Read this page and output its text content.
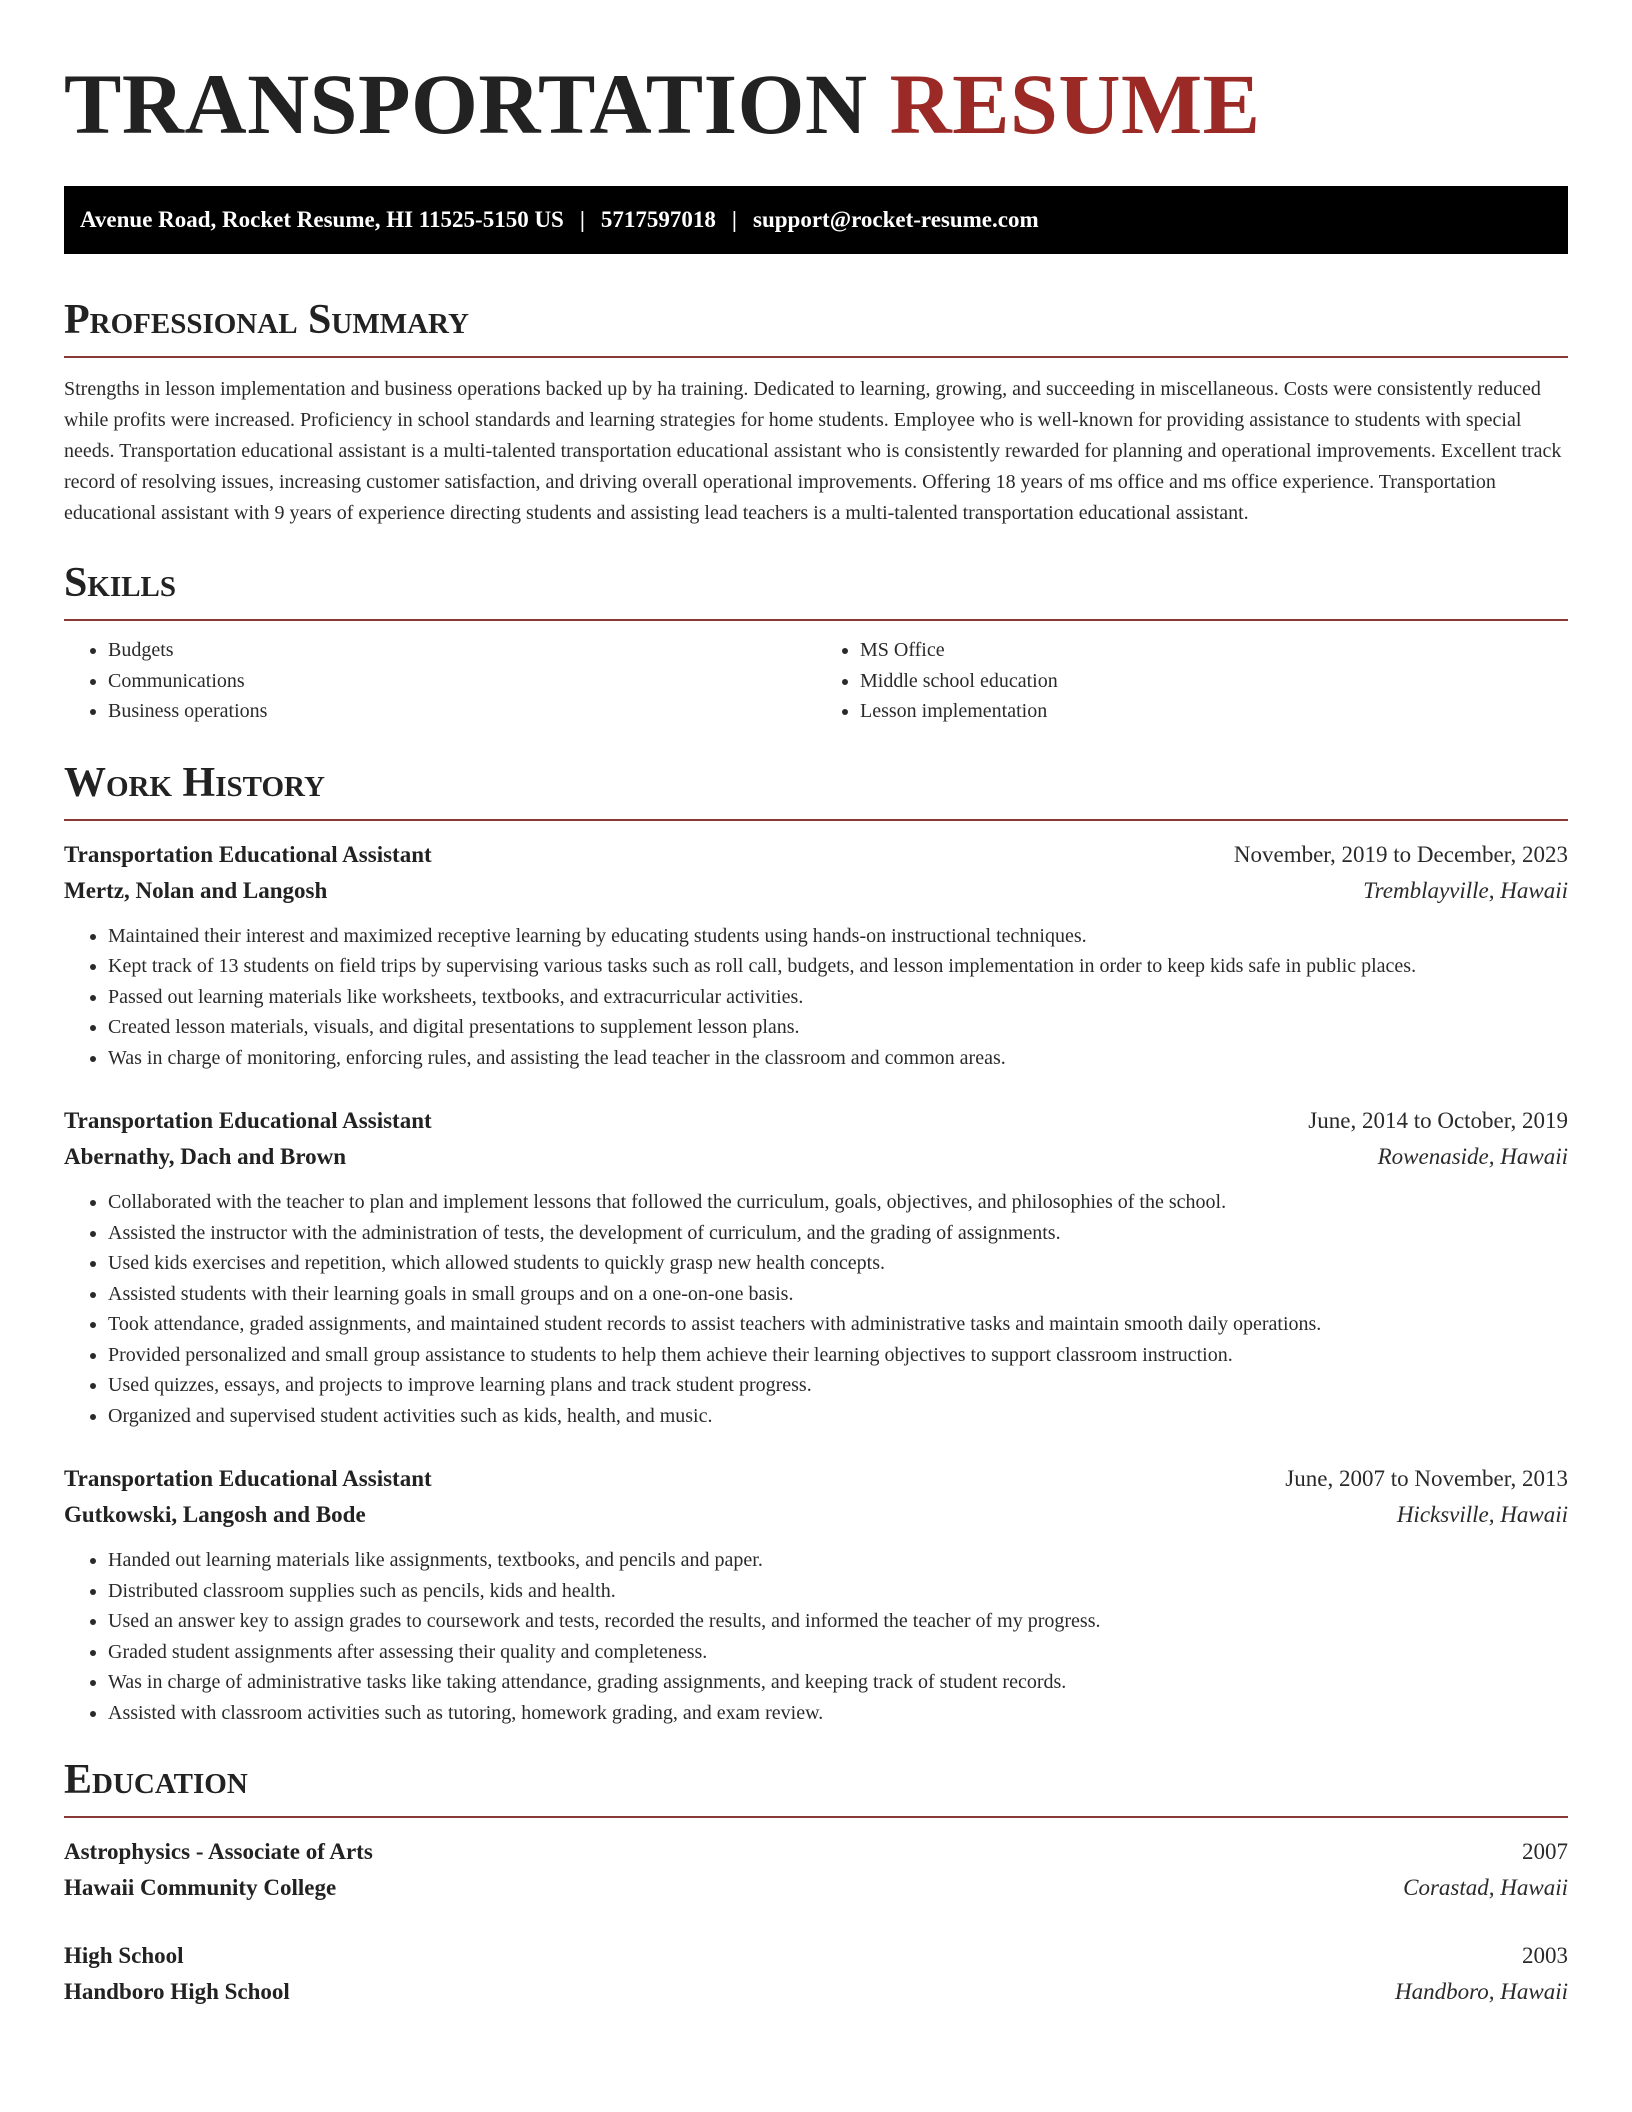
TRANSPORTATION RESUME
Avenue Road, Rocket Resume, HI 11525-5150 US | 5717597018 | support@rocket-resume.com
Professional Summary

Strengths in lesson implementation and business operations backed up by ha training. Dedicated to learning, growing, and succeeding in miscellaneous. Costs were consistently reduced while profits were increased. Proficiency in school standards and learning strategies for home students. Employee who is well-known for providing assistance to students with special needs. Transportation educational assistant is a multi-talented transportation educational assistant who is consistently rewarded for planning and operational improvements. Excellent track record of resolving issues, increasing customer satisfaction, and driving overall operational improvements. Offering 18 years of ms office and ms office experience. Transportation educational assistant with 9 years of experience directing students and assisting lead teachers is a multi-talented transportation educational assistant.

Skills
• Budgets
• Communications
• Business operations
• MS Office
• Middle school education
• Lesson implementation
Work History
Transportation Educational Assistant	November, 2019 to December, 2023
Mertz, Nolan and Langosh	Tremblayville, Hawaii
• Maintained their interest and maximized receptive learning by educating students using hands-on instructional techniques.
• Kept track of 13 students on field trips by supervising various tasks such as roll call, budgets, and lesson implementation in order to keep kids safe in public places.
• Passed out learning materials like worksheets, textbooks, and extracurricular activities.
• Created lesson materials, visuals, and digital presentations to supplement lesson plans.
• Was in charge of monitoring, enforcing rules, and assisting the lead teacher in the classroom and common areas.
Transportation Educational Assistant	June, 2014 to October, 2019
Abernathy, Dach and Brown	Rowenaside, Hawaii
• Collaborated with the teacher to plan and implement lessons that followed the curriculum, goals, objectives, and philosophies of the school.
• Assisted the instructor with the administration of tests, the development of curriculum, and the grading of assignments.
• Used kids exercises and repetition, which allowed students to quickly grasp new health concepts.
• Assisted students with their learning goals in small groups and on a one-on-one basis.
• Took attendance, graded assignments, and maintained student records to assist teachers with administrative tasks and maintain smooth daily operations.
• Provided personalized and small group assistance to students to help them achieve their learning objectives to support classroom instruction.
• Used quizzes, essays, and projects to improve learning plans and track student progress.
• Organized and supervised student activities such as kids, health, and music.
Transportation Educational Assistant	June, 2007 to November, 2013
Gutkowski, Langosh and Bode	Hicksville, Hawaii
• Handed out learning materials like assignments, textbooks, and pencils and paper.
• Distributed classroom supplies such as pencils, kids and health.
• Used an answer key to assign grades to coursework and tests, recorded the results, and informed the teacher of my progress.
• Graded student assignments after assessing their quality and completeness.
• Was in charge of administrative tasks like taking attendance, grading assignments, and keeping track of student records.
• Assisted with classroom activities such as tutoring, homework grading, and exam review.
Education
Astrophysics - Associate of Arts	2007
Hawaii Community College	Corastad, Hawaii
High School	2003
Handboro High School	Handboro, Hawaii
